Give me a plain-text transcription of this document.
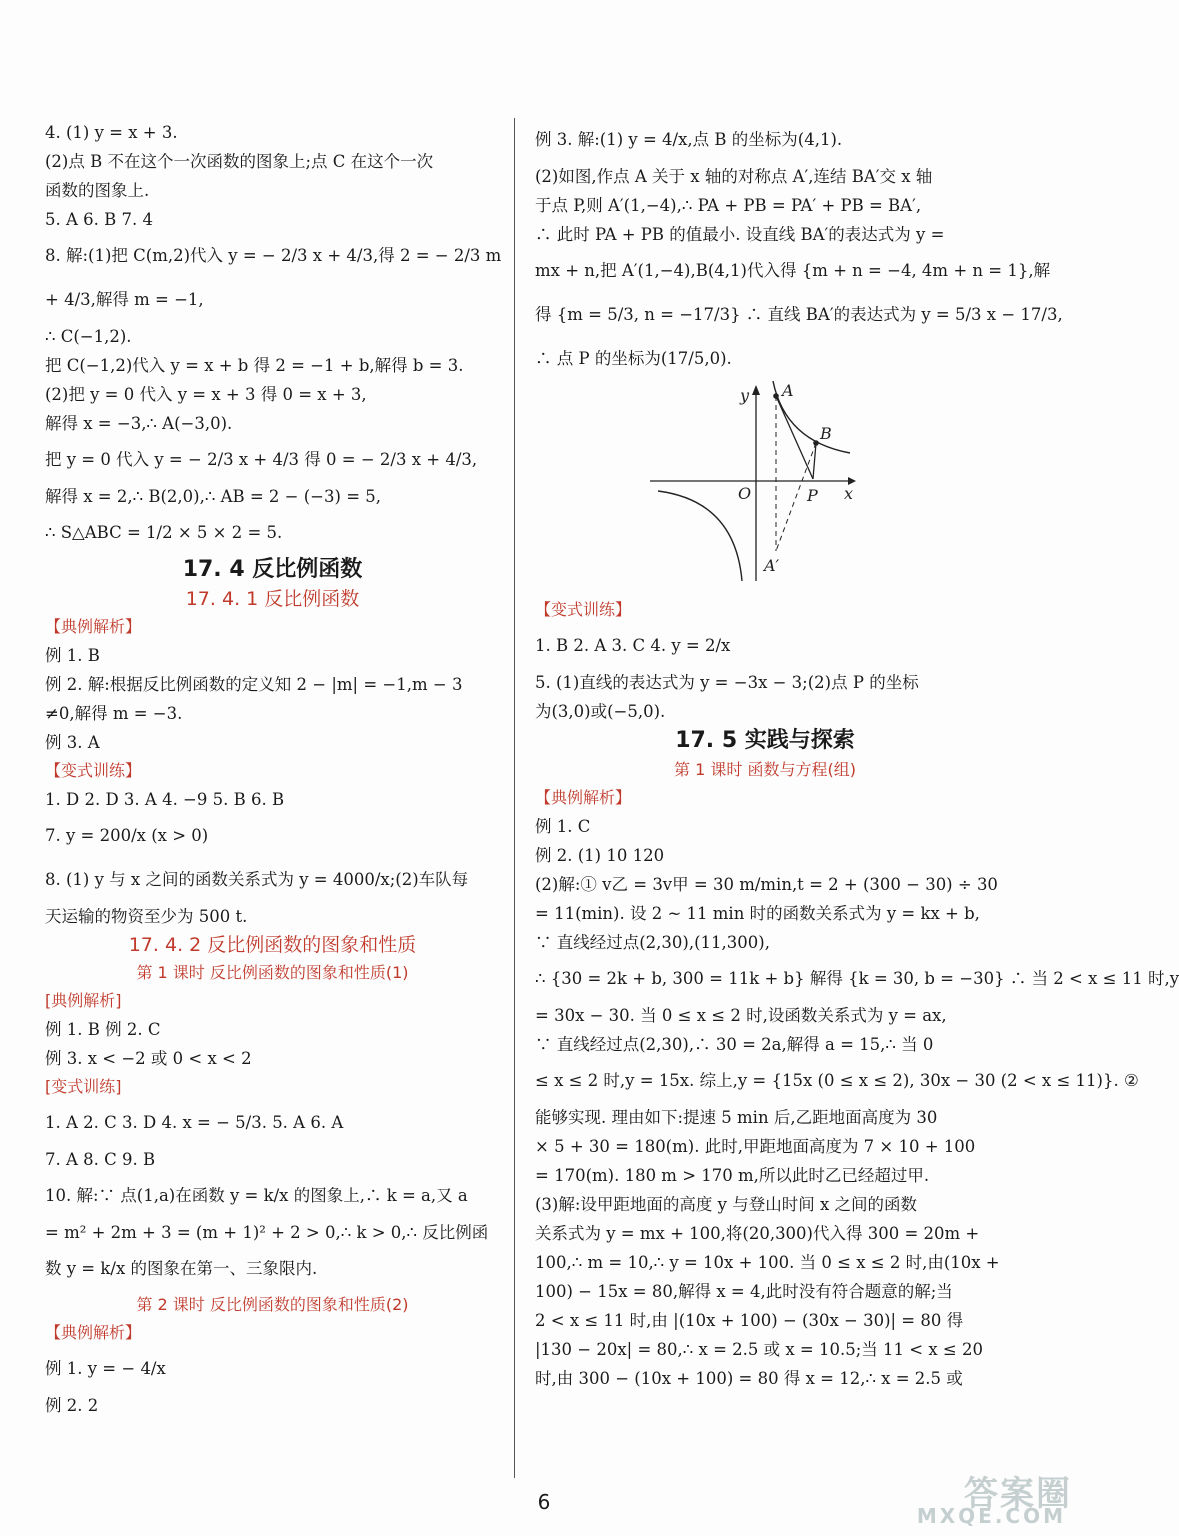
4. (1) y = x + 3.
(2)点 B 不在这个一次函数的图象上;点 C 在这个一次
函数的图象上.
5. A 6. B 7. 4
8. 解:(1)把 C(m,2)代入 y = − 2/3 x + 4/3,得 2 = − 2/3 m
+ 4/3,解得 m = −1,
∴ C(−1,2).
把 C(−1,2)代入 y = x + b 得 2 = −1 + b,解得 b = 3.
(2)把 y = 0 代入 y = x + 3 得 0 = x + 3,
解得 x = −3,∴ A(−3,0).
把 y = 0 代入 y = − 2/3 x + 4/3 得 0 = − 2/3 x + 4/3,
解得 x = 2,∴ B(2,0),∴ AB = 2 − (−3) = 5,
∴ S△ABC = 1/2 × 5 × 2 = 5.
17. 4 反比例函数
17. 4. 1 反比例函数
【典例解析】
例 1. B
例 2. 解:根据反比例函数的定义知 2 − |m| = −1,m − 3
≠0,解得 m = −3.
例 3. A
【变式训练】
1. D 2. D 3. A 4. −9 5. B 6. B
7. y = 200/x (x > 0)
8. (1) y 与 x 之间的函数关系式为 y = 4000/x;(2)车队每
天运输的物资至少为 500 t.
17. 4. 2 反比例函数的图象和性质
第 1 课时 反比例函数的图象和性质(1)
[典例解析]
例 1. B 例 2. C
例 3. x < −2 或 0 < x < 2
[变式训练]
1. A 2. C 3. D 4. x = − 5/3. 5. A 6. A
7. A 8. C 9. B
10. 解:∵ 点(1,a)在函数 y = k/x 的图象上,∴ k = a,又 a
= m² + 2m + 3 = (m + 1)² + 2 > 0,∴ k > 0,∴ 反比例函
数 y = k/x 的图象在第一、三象限内.
第 2 课时 反比例函数的图象和性质(2)
【典例解析】
例 1. y = − 4/x
例 2. 2
例 3. 解:(1) y = 4/x,点 B 的坐标为(4,1).
(2)如图,作点 A 关于 x 轴的对称点 A′,连结 BA′交 x 轴
于点 P,则 A′(1,−4),∴ PA + PB = PA′ + PB = BA′,
∴ 此时 PA + PB 的值最小. 设直线 BA′的表达式为 y =
mx + n,把 A′(1,−4),B(4,1)代入得 {m + n = −4, 4m + n = 1},解
得 {m = 5/3, n = −17/3} ∴ 直线 BA′的表达式为 y = 5/3 x − 17/3,
∴ 点 P 的坐标为(17/5,0).
y A
B
O	P x
A′
【变式训练】
1. B 2. A 3. C 4. y = 2/x
5. (1)直线的表达式为 y = −3x − 3;(2)点 P 的坐标
为(3,0)或(−5,0).
17. 5 实践与探索
第 1 课时 函数与方程(组)
【典例解析】
例 1. C
例 2. (1) 10 120
(2)解:① v乙 = 3v甲 = 30 m/min,t = 2 + (300 − 30) ÷ 30
= 11(min). 设 2 ~ 11 min 时的函数关系式为 y = kx + b,
∵ 直线经过点(2,30),(11,300),
∴ {30 = 2k + b, 300 = 11k + b} 解得 {k = 30, b = −30} ∴ 当 2 < x ≤ 11 时,y
= 30x − 30. 当 0 ≤ x ≤ 2 时,设函数关系式为 y = ax,
∵ 直线经过点(2,30),∴ 30 = 2a,解得 a = 15,∴ 当 0
≤ x ≤ 2 时,y = 15x. 综上,y = {15x (0 ≤ x ≤ 2), 30x − 30 (2 < x ≤ 11)}. ②
能够实现. 理由如下:提速 5 min 后,乙距地面高度为 30
× 5 + 30 = 180(m). 此时,甲距地面高度为 7 × 10 + 100
= 170(m). 180 m > 170 m,所以此时乙已经超过甲.
(3)解:设甲距地面的高度 y 与登山时间 x 之间的函数
关系式为 y = mx + 100,将(20,300)代入得 300 = 20m +
100,∴ m = 10,∴ y = 10x + 100. 当 0 ≤ x ≤ 2 时,由(10x +
100) − 15x = 80,解得 x = 4,此时没有符合题意的解;当
2 < x ≤ 11 时,由 |(10x + 100) − (30x − 30)| = 80 得
|130 − 20x| = 80,∴ x = 2.5 或 x = 10.5;当 11 < x ≤ 20
时,由 300 − (10x + 100) = 80 得 x = 12,∴ x = 2.5 或
6	答案圈
MXQE.COM
